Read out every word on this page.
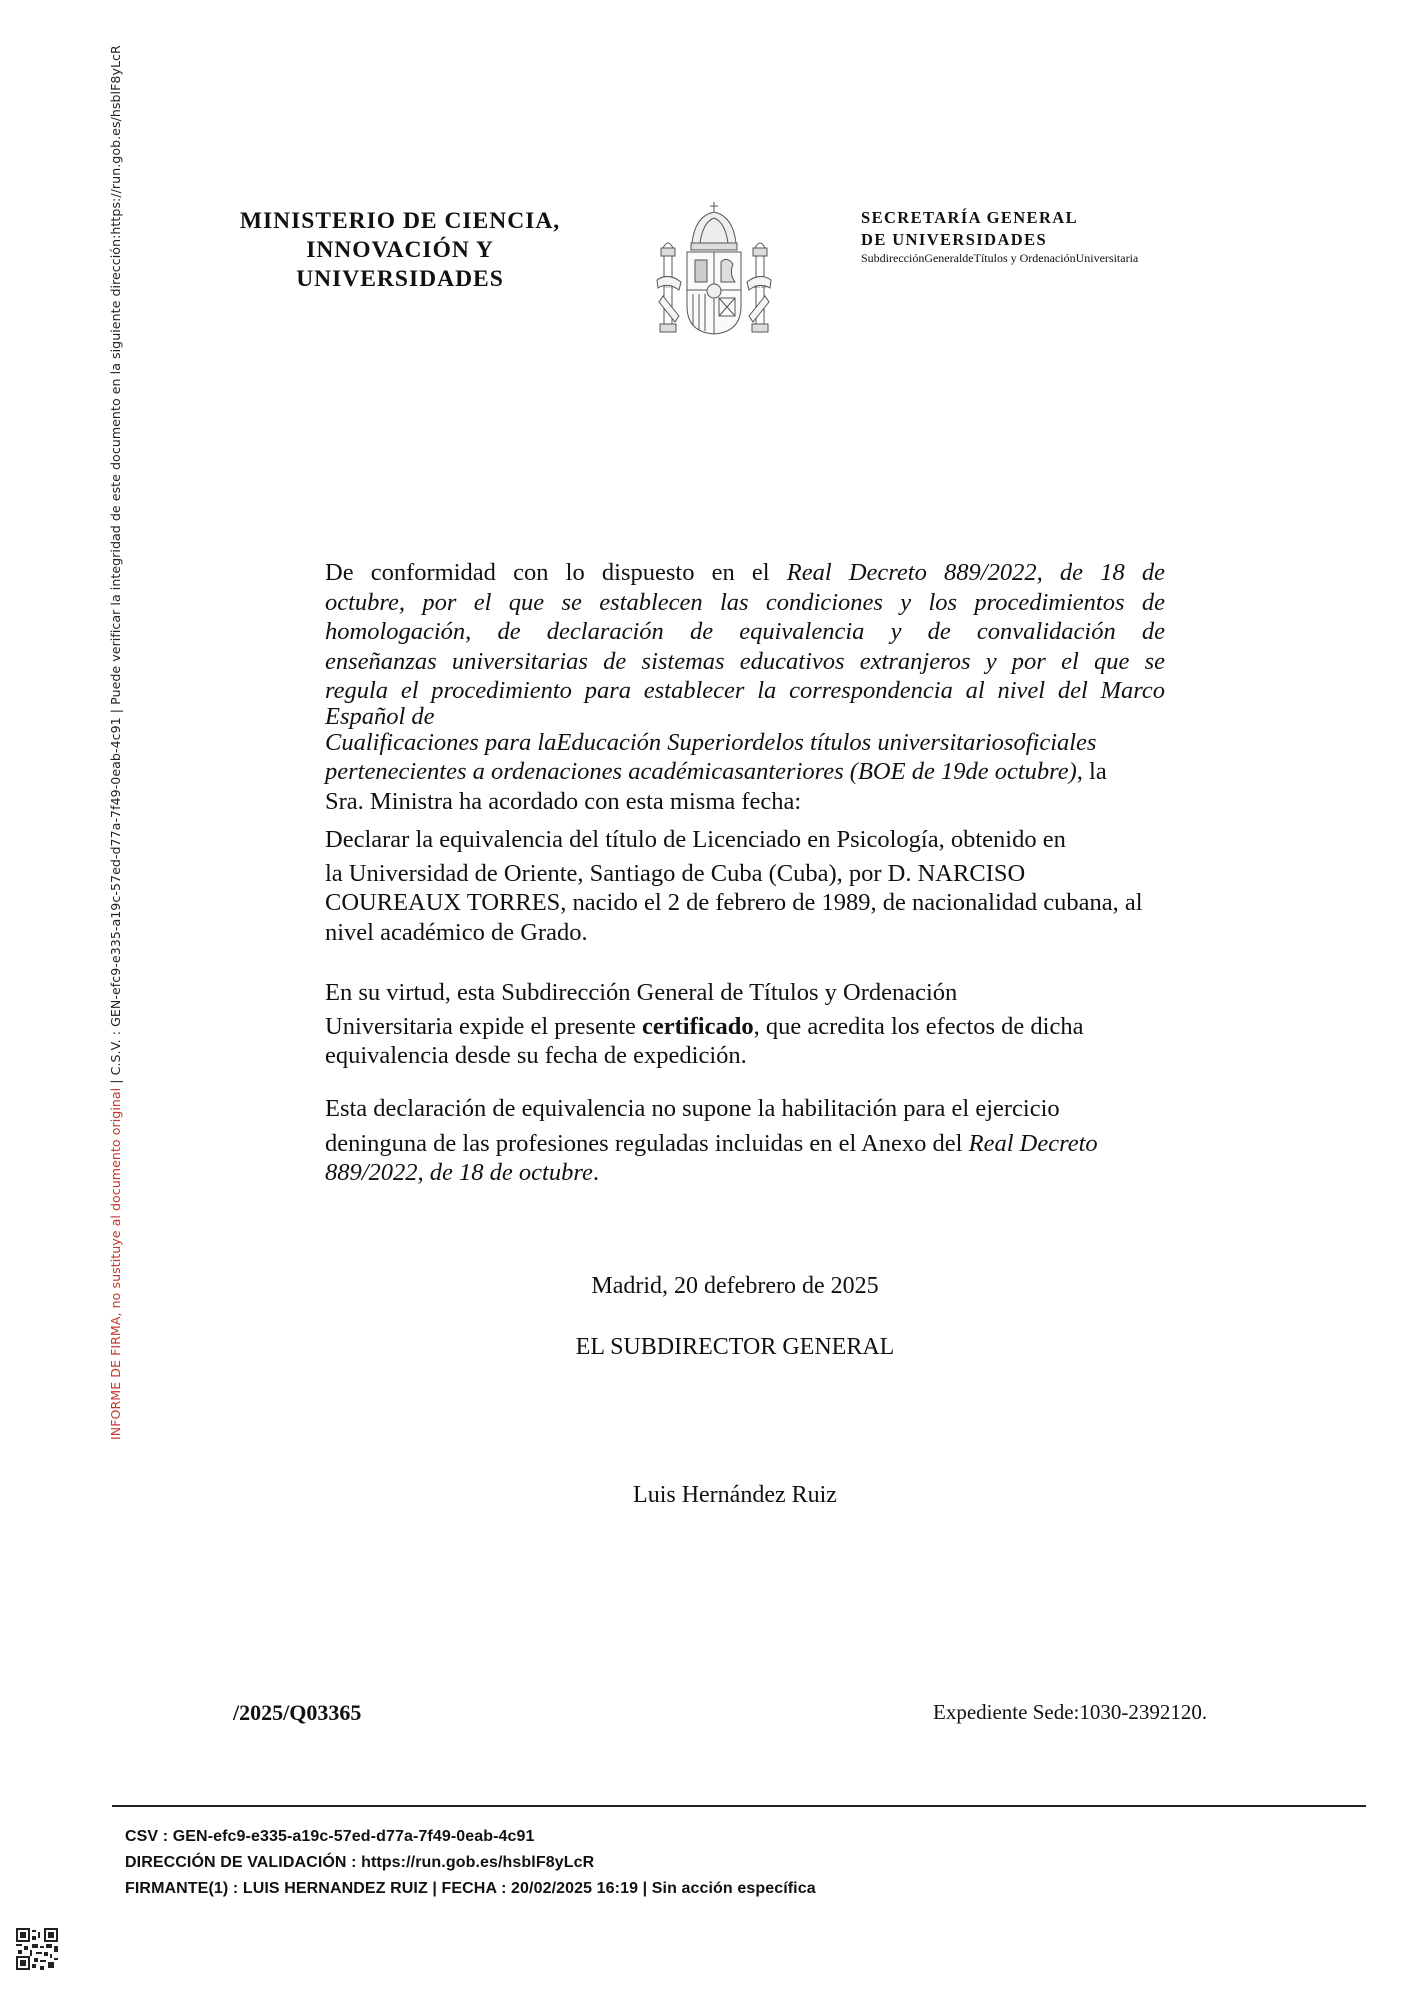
INFORME DE FIRMA, no sustituye al documento original | C.S.V. : GEN-efc9-e335-a19c-57ed-d77a-7f49-0eab-4c91 | Puede verificar la integridad de este documento en la siguiente dirección:https://run.gob.es/hsblF8yLcR	MINISTERIO DE CIENCIA,
INNOVACIÓN Y
UNIVERSIDADES	PLVS	VLTRA
SECRETARÍA GENERAL
DE UNIVERSIDADES
SubdirecciónGeneraldeTítulos y OrdenaciónUniversitaria
De conformidad con lo dispuesto en el Real Decreto 889/2022, de 18 de
octubre, por el que se establecen las condiciones y los procedimientos de
homologación, de declaración de equivalencia y de convalidación de
enseñanzas universitarias de sistemas educativos extranjeros y por el que se
regula el procedimiento para establecer la correspondencia al nivel del Marco
Español de
Cualificaciones para laEducación Superiordelos títulos universitariosoficiales
pertenecientes a ordenaciones académicasanteriores (BOE de 19de octubre), la
Sra. Ministra ha acordado con esta misma fecha:
Declarar la equivalencia del título de Licenciado en Psicología, obtenido en
la Universidad de Oriente, Santiago de Cuba (Cuba), por D. NARCISO
COUREAUX TORRES, nacido el 2 de febrero de 1989, de nacionalidad cubana, al
nivel académico de Grado.
En su virtud, esta Subdirección General de Títulos y Ordenación
Universitaria expide el presente certificado, que acredita los efectos de dicha
equivalencia desde su fecha de expedición.
Esta declaración de equivalencia no supone la habilitación para el ejercicio
deninguna de las profesiones reguladas incluidas en el Anexo del Real Decreto
889/2022, de 18 de octubre.
Madrid, 20 defebrero de 2025
EL SUBDIRECTOR GENERAL
Luis Hernández Ruiz
/2025/Q03365	Expediente Sede:1030-2392120.
CSV : GEN-efc9-e335-a19c-57ed-d77a-7f49-0eab-4c91
DIRECCIÓN DE VALIDACIÓN : https://run.gob.es/hsblF8yLcR
FIRMANTE(1) : LUIS HERNANDEZ RUIZ | FECHA : 20/02/2025 16:19 | Sin acción específica
